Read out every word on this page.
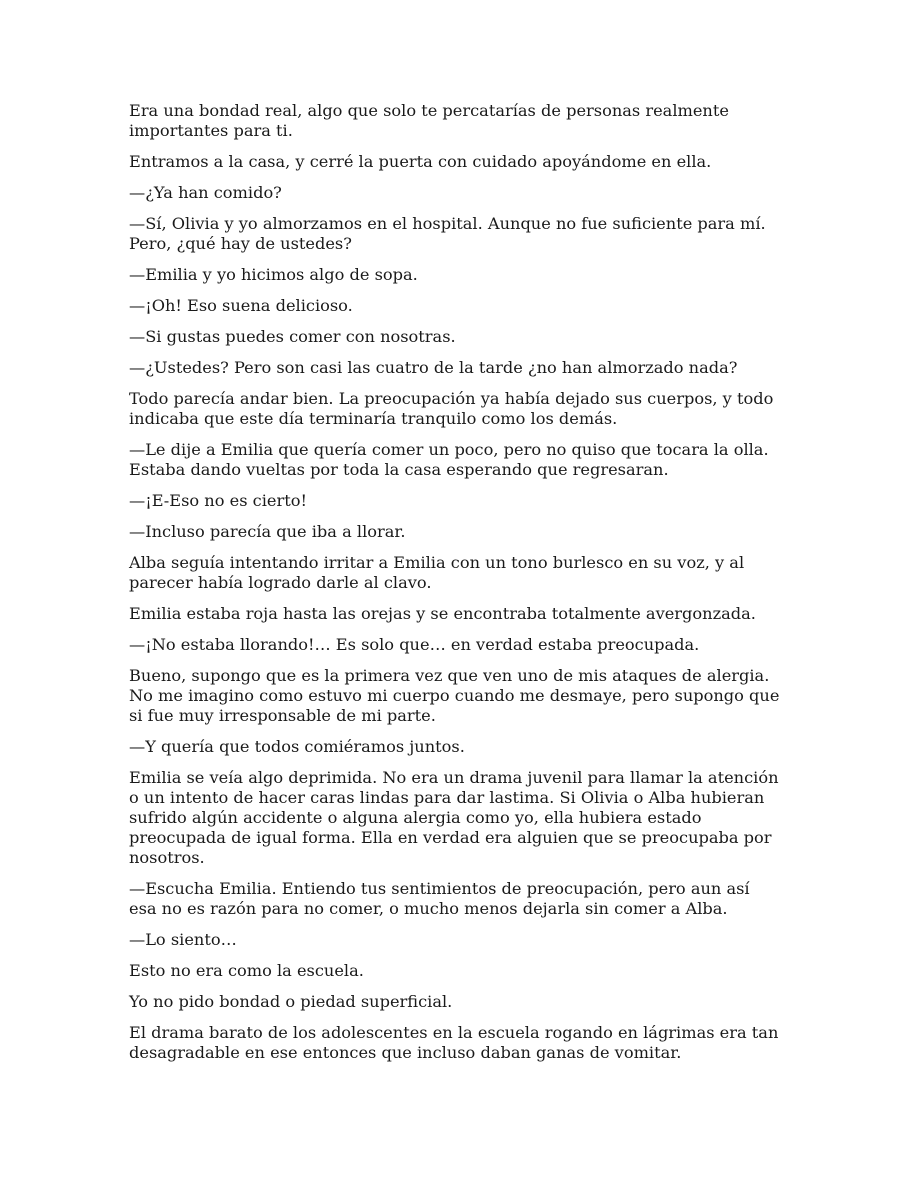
Era una bondad real, algo que solo te percatarías de personas realmente
importantes para ti.

Entramos a la casa, y cerré la puerta con cuidado apoyándome en ella.

—¿Ya han comido?

—Sí, Olivia y yo almorzamos en el hospital. Aunque no fue suficiente para mí.
Pero, ¿qué hay de ustedes?

—Emilia y yo hicimos algo de sopa.

—¡Oh! Eso suena delicioso.

—Si gustas puedes comer con nosotras.

—¿Ustedes? Pero son casi las cuatro de la tarde ¿no han almorzado nada?

Todo parecía andar bien. La preocupación ya había dejado sus cuerpos, y todo
indicaba que este día terminaría tranquilo como los demás.

—Le dije a Emilia que quería comer un poco, pero no quiso que tocara la olla.
Estaba dando vueltas por toda la casa esperando que regresaran.

—¡E-Eso no es cierto!

—Incluso parecía que iba a llorar.

Alba seguía intentando irritar a Emilia con un tono burlesco en su voz, y al
parecer había logrado darle al clavo.

Emilia estaba roja hasta las orejas y se encontraba totalmente avergonzada.

—¡No estaba llorando!… Es solo que… en verdad estaba preocupada.

Bueno, supongo que es la primera vez que ven uno de mis ataques de alergia.
No me imagino como estuvo mi cuerpo cuando me desmaye, pero supongo que
si fue muy irresponsable de mi parte.

—Y quería que todos comiéramos juntos.

Emilia se veía algo deprimida. No era un drama juvenil para llamar la atención
o un intento de hacer caras lindas para dar lastima. Si Olivia o Alba hubieran
sufrido algún accidente o alguna alergia como yo, ella hubiera estado
preocupada de igual forma. Ella en verdad era alguien que se preocupaba por
nosotros.

—Escucha Emilia. Entiendo tus sentimientos de preocupación, pero aun así
esa no es razón para no comer, o mucho menos dejarla sin comer a Alba.

—Lo siento…

Esto no era como la escuela.

Yo no pido bondad o piedad superficial.

El drama barato de los adolescentes en la escuela rogando en lágrimas era tan
desagradable en ese entonces que incluso daban ganas de vomitar.
